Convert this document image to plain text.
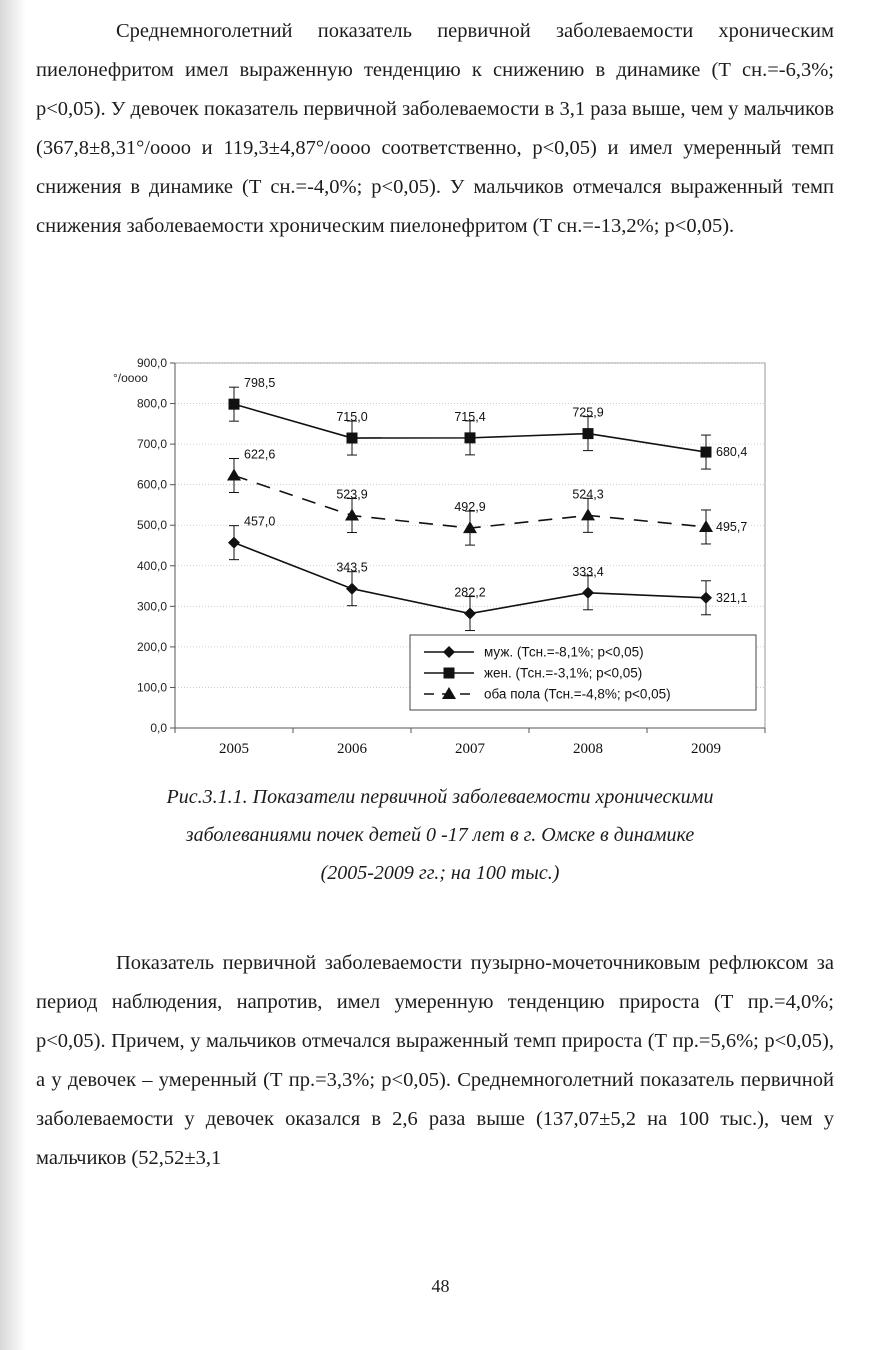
Среднемноголетний показатель первичной заболеваемости хроническим пиелонефритом имел выраженную тенденцию к снижению в динамике (Т сн.=-6,3%; p<0,05). У девочек показатель первичной заболеваемости в 3,1 раза выше, чем у мальчиков (367,8±8,31°/oooo и 119,3±4,87°/oooo соответственно, p<0,05) и имел умеренный темп снижения в динамике (Т сн.=-4,0%; p<0,05). У мальчиков отмечался выраженный темп снижения заболеваемости хроническим пиелонефритом (Т сн.=-13,2%; p<0,05).

0,0
100,0
200,0
300,0
400,0
500,0
600,0
700,0
800,0
900,0
2005	2006	2007	2008	2009
457,0
343,5
282,2
333,4
321,1
798,5
715,0	715,4	725,9
680,4
622,6
523,9
492,9
524,3
495,7
муж. (Тсн.=-8,1%; р<0,05)
жен. (Тсн.=-3,1%; р<0,05)
оба пола (Тсн.=-4,8%; р<0,05)
°/oooo

Рис.3.1.1. Показатели первичной заболеваемости хроническими
заболеваниями почек детей 0 -17 лет в г. Омске в динамике
(2005-2009 гг.; на 100 тыс.)

Показатель первичной заболеваемости пузырно-мочеточниковым рефлюксом за период наблюдения, напротив, имел умеренную тенденцию прироста (Т пр.=4,0%; p<0,05). Причем, у мальчиков отмечался выраженный темп прироста (Т пр.=5,6%; p<0,05), а у девочек – умеренный (Т пр.=3,3%; p<0,05). Среднемноголетний показатель первичной заболеваемости у девочек оказался в 2,6 раза выше (137,07±5,2 на 100 тыс.), чем у мальчиков (52,52±3,1

48
